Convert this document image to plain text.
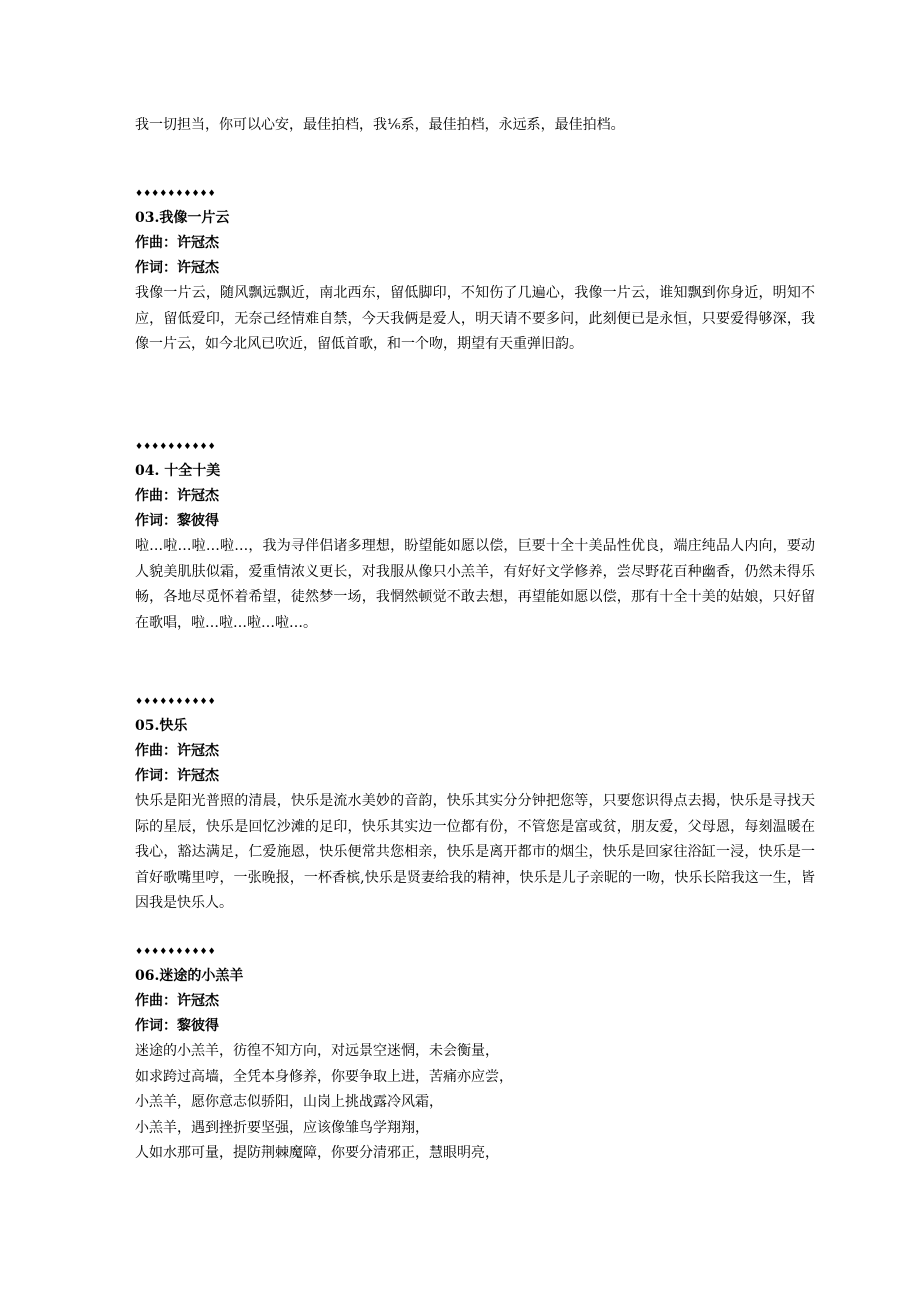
我一切担当，你可以心安，最佳拍档，我⅙系，最佳拍档，永远系，最佳拍档。
♦♦♦♦♦♦♦♦♦♦
03.我像一片云
作曲：许冠杰
作词：许冠杰
我像一片云，随风飘远飘近，南北西东，留低脚印，不知伤了几遍心，我像一片云，谁知飘到你身近，明知不应，留低爱印，无奈己经情难自禁，今天我俩是爱人，明天请不要多问，此刻便已是永恒，只要爱得够深，我像一片云，如今北风已吹近，留低首歌，和一个吻，期望有天重弹旧韵。
♦♦♦♦♦♦♦♦♦♦
04. 十全十美
作曲：许冠杰
作词：黎彼得
啦…啦…啦…啦…，我为寻伴侣诸多理想，盼望能如愿以偿，巨要十全十美品性优良，端庄纯品人内向，要动人貌美肌肤似霜，爱重情浓义更长，对我服从像只小羔羊，有好好文学修养，尝尽野花百种幽香，仍然未得乐畅，各地尽觅怀着希望，徒然梦一场，我惘然顿觉不敢去想，再望能如愿以偿，那有十全十美的姑娘，只好留在歌唱，啦…啦…啦…啦…。
♦♦♦♦♦♦♦♦♦♦
05.快乐
作曲：许冠杰
作词：许冠杰
快乐是阳光普照的清晨，快乐是流水美妙的音韵，快乐其实分分钟把您等，只要您识得点去揭，快乐是寻找天际的星辰，快乐是回忆沙滩的足印，快乐其实边一位都有份，不管您是富或贫，朋友爱，父母恩，每刻温暖在我心，豁达满足，仁爱施恩，快乐便常共您相亲，快乐是离开都市的烟尘，快乐是回家往浴缸一浸，快乐是一首好歌嘴里哼，一张晚报，一杯香槟,快乐是贤妻给我的精神，快乐是儿子亲昵的一吻，快乐长陪我这一生，皆因我是快乐人。
♦♦♦♦♦♦♦♦♦♦
06.迷途的小羔羊
作曲：许冠杰
作词：黎彼得
迷途的小羔羊，彷徨不知方向，对远景空迷惘，未会衡量，
如求跨过高墙，全凭本身修养，你要争取上进，苦痛亦应尝，
小羔羊，愿你意志似骄阳，山岗上挑战露冷风霜，
小羔羊，遇到挫折要坚强，应该像雏鸟学翔翔，
人如水那可量，提防荆棘魔障，你要分清邪正，慧眼明亮，
